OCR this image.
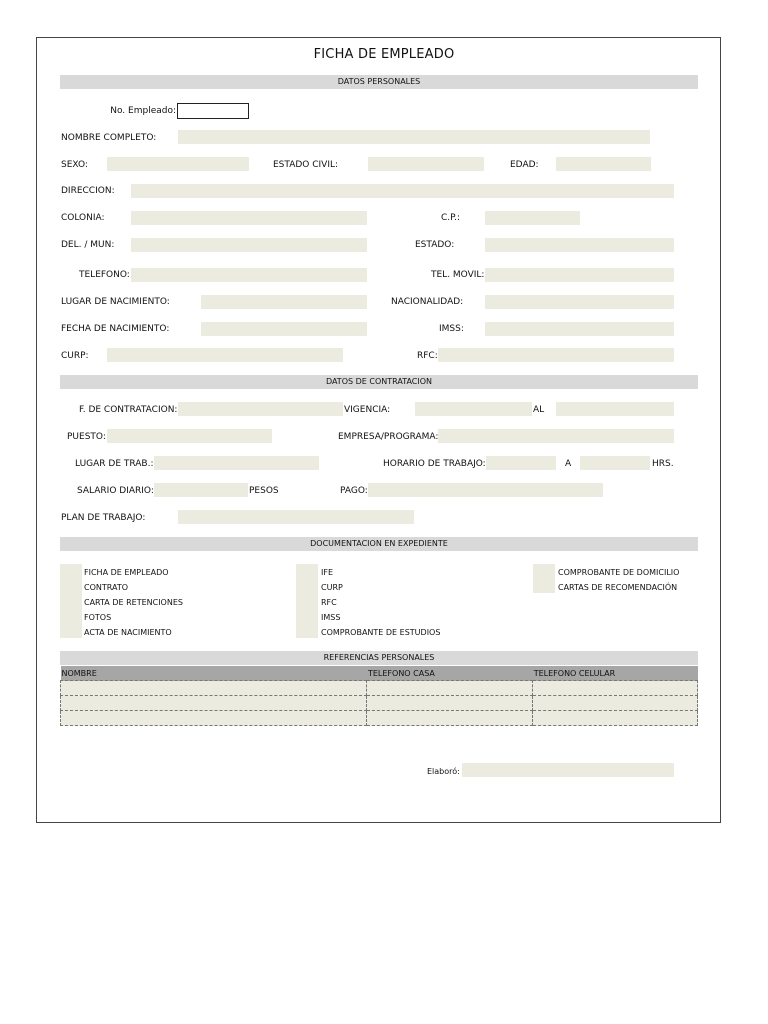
FICHA DE EMPLEADO
DATOS PERSONALES
No. Empleado:
NOMBRE COMPLETO:
SEXO:	ESTADO CIVIL:	EDAD:
DIRECCION:
COLONIA:	C.P.:
DEL. / MUN:	ESTADO:
TELEFONO:	TEL. MOVIL:
LUGAR DE NACIMIENTO:	NACIONALIDAD:
FECHA DE NACIMIENTO:	IMSS:
CURP:	RFC:
DATOS DE CONTRATACION
F. DE CONTRATACION:	VIGENCIA:	AL
PUESTO:	EMPRESA/PROGRAMA:
LUGAR DE TRAB.:	HORARIO DE TRABAJO:	A	HRS.
SALARIO DIARIO:	PESOS	PAGO:
PLAN DE TRABAJO:
DOCUMENTACION EN EXPEDIENTE
FICHA DE EMPLEADO
CONTRATO
CARTA DE RETENCIONES
FOTOS
ACTA DE NACIMIENTO
IFE
CURP
RFC
IMSS
COMPROBANTE DE ESTUDIOS
COMPROBANTE DE DOMICILIO
CARTAS DE RECOMENDACIÓN
REFERENCIAS PERSONALES
NOMBRE	TELEFONO CASA	TELEFONO CELULAR

Elaboró:
